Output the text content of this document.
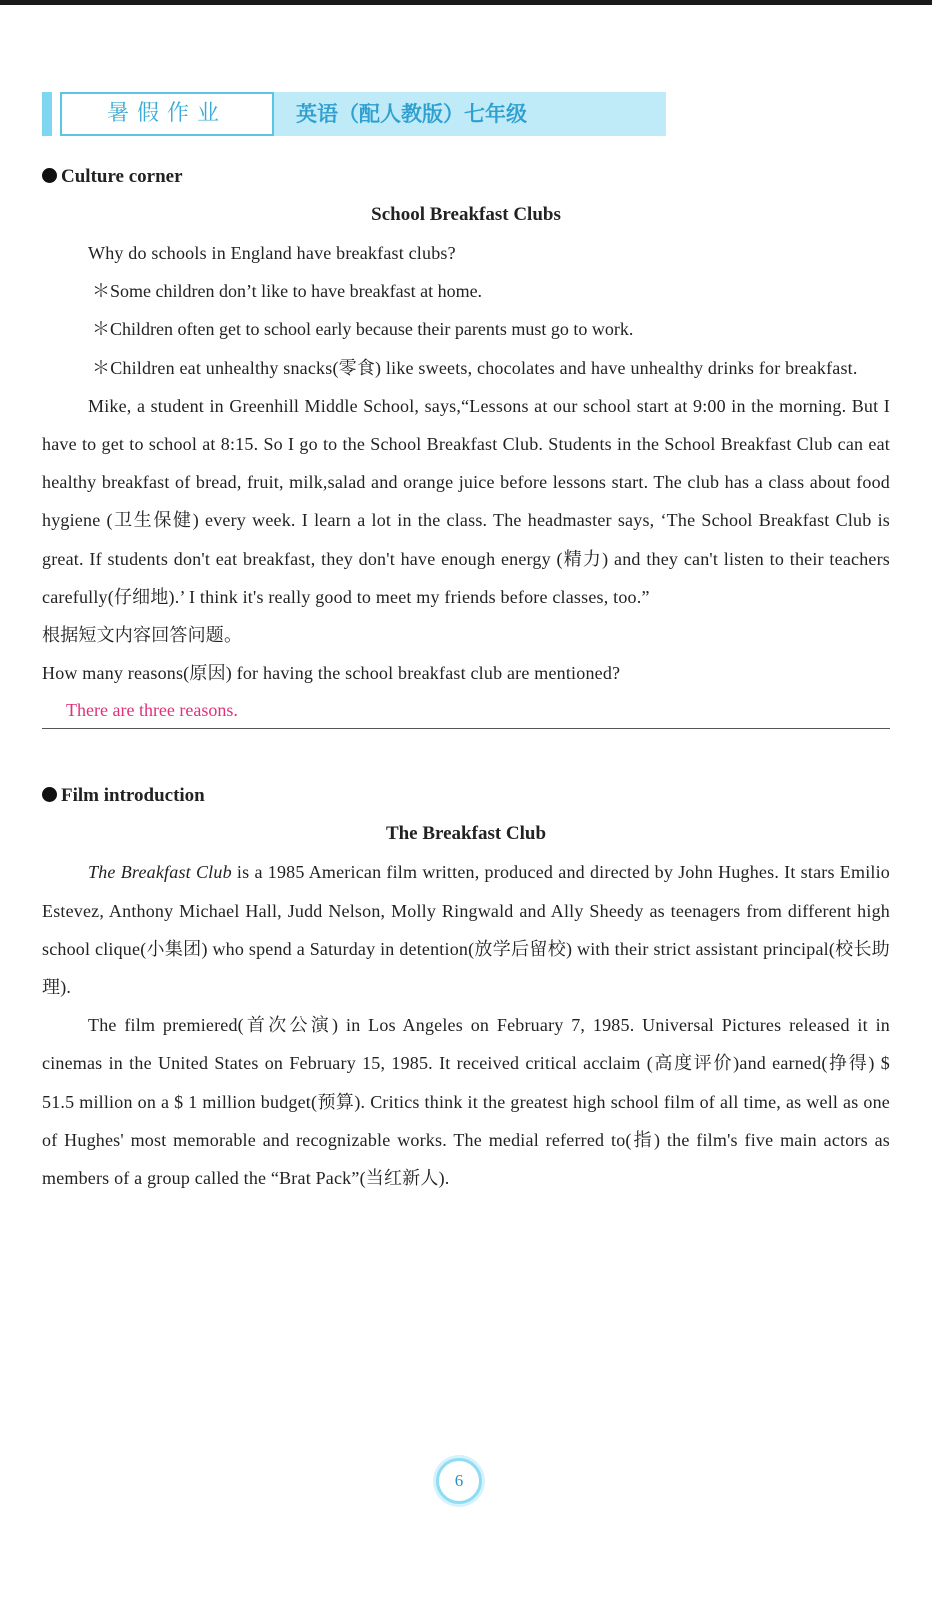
暑假作业	英语（配人教版）七年级
Culture corner
School Breakfast Clubs
Why do schools in England have breakfast clubs?
＊Some children don’t like to have breakfast at home.
＊Children often get to school early because their parents must go to work.
＊Children eat unhealthy snacks(零食) like sweets, chocolates and have unhealthy drinks for breakfast.
Mike, a student in Greenhill Middle School, says,“Lessons at our school start at 9:00 in the morning. But I have to get to school at 8:15. So I go to the School Breakfast Club. Students in the School Breakfast Club can eat healthy breakfast of bread, fruit, milk,salad and orange juice before lessons start. The club has a class about food hygiene (卫生保健) every week. I learn a lot in the class. The headmaster says, ‘The School Breakfast Club is great. If students don't eat breakfast, they don't have enough energy (精力) and they can't listen to their teachers carefully(仔细地).’ I think it's really good to meet my friends before classes, too.”
根据短文内容回答问题。
How many reasons(原因) for having the school breakfast club are mentioned?
There are three reasons.
Film introduction
The Breakfast Club
The Breakfast Club is a 1985 American film written, produced and directed by John Hughes. It stars Emilio Estevez, Anthony Michael Hall, Judd Nelson, Molly Ringwald and Ally Sheedy as teenagers from different high school clique(小集团) who spend a Saturday in detention(放学后留校) with their strict assistant principal(校长助理).
The film premiered(首次公演) in Los Angeles on February 7, 1985. Universal Pictures released it in cinemas in the United States on February 15, 1985. It received critical acclaim (高度评价)and earned(挣得) $ 51.5 million on a $ 1 million budget(预算). Critics think it the greatest high school film of all time, as well as one of Hughes' most memorable and recognizable works. The medial referred to(指) the film's five main actors as members of a group called the “Brat Pack”(当红新人).
6
